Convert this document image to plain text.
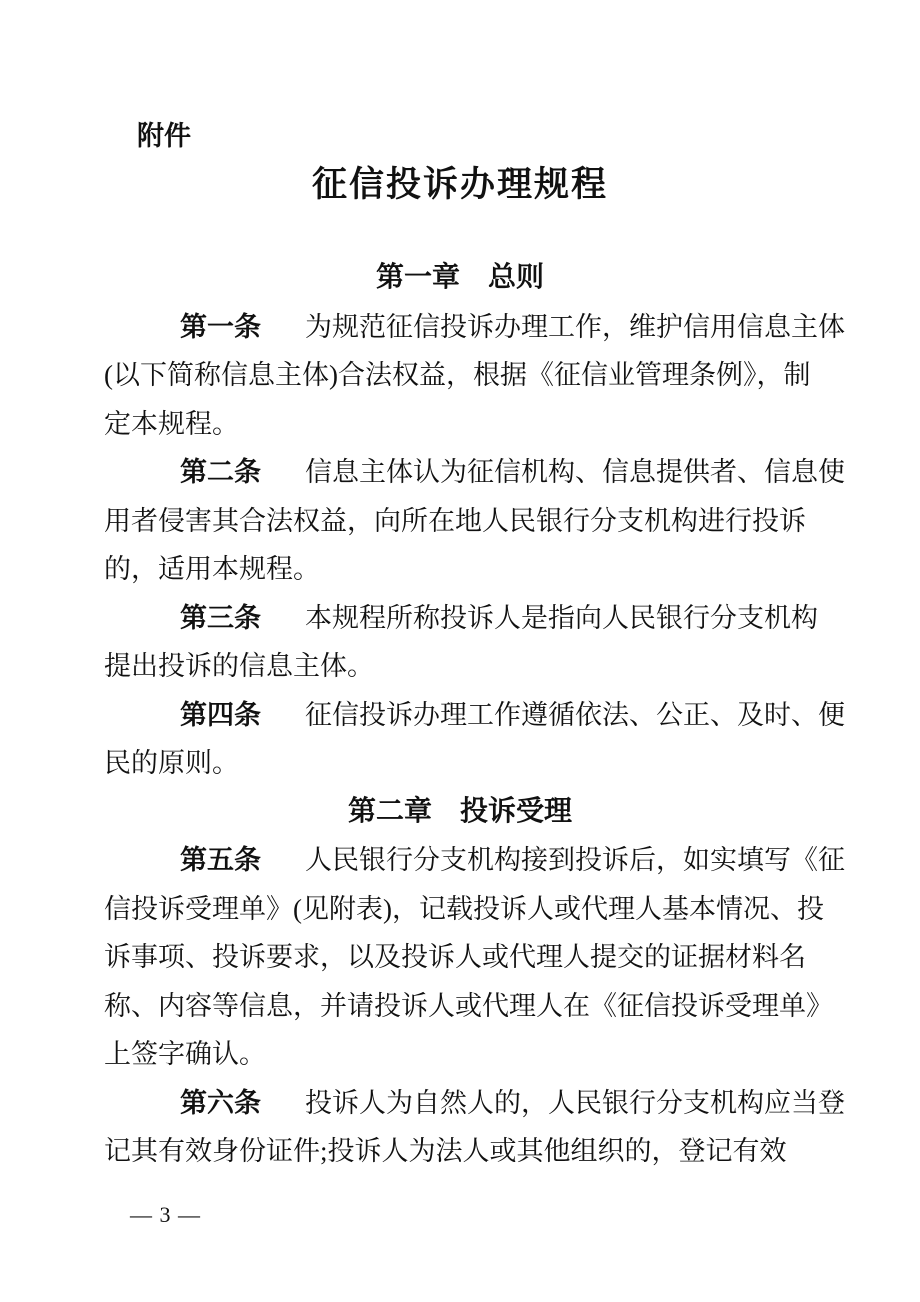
附件
征信投诉办理规程
第一章　总则
第一条 为规范征信投诉办理工作，维护信用信息主体
(以下简称信息主体)合法权益，根据《征信业管理条例》，制
定本规程。
第二条 信息主体认为征信机构、信息提供者、信息使
用者侵害其合法权益，向所在地人民银行分支机构进行投诉
的，适用本规程。
第三条 本规程所称投诉人是指向人民银行分支机构
提出投诉的信息主体。
第四条 征信投诉办理工作遵循依法、公正、及时、便
民的原则。
第二章　投诉受理
第五条 人民银行分支机构接到投诉后，如实填写《征
信投诉受理单》(见附表)，记载投诉人或代理人基本情况、投
诉事项、投诉要求，以及投诉人或代理人提交的证据材料名
称、内容等信息，并请投诉人或代理人在《征信投诉受理单》
上签字确认。
第六条 投诉人为自然人的，人民银行分支机构应当登
记其有效身份证件;投诉人为法人或其他组织的，登记有效
— 3 —
